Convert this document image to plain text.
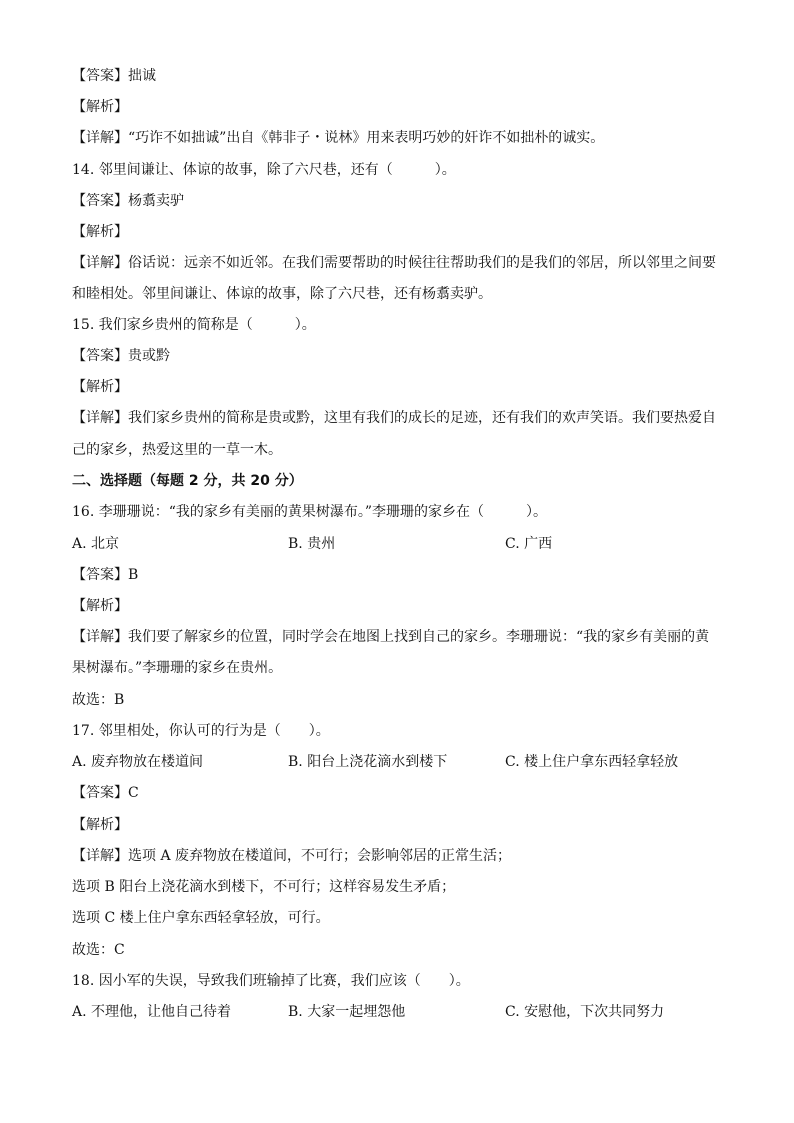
【答案】拙诚
【解析】
【详解】“巧诈不如拙诚”出自《韩非子・说林》用来表明巧妙的奸诈不如拙朴的诚实。
14. 邻里间谦让、体谅的故事，除了六尺巷，还有（　　　）。
【答案】杨翥卖驴
【解析】
【详解】俗话说：远亲不如近邻。在我们需要帮助的时候往往帮助我们的是我们的邻居，所以邻里之间要
和睦相处。邻里间谦让、体谅的故事，除了六尺巷，还有杨翥卖驴。
15. 我们家乡贵州的简称是（　　　）。
【答案】贵或黔
【解析】
【详解】我们家乡贵州的简称是贵或黔，这里有我们的成长的足迹，还有我们的欢声笑语。我们要热爱自
己的家乡，热爱这里的一草一木。
二、选择题（每题 2 分，共 20 分）
16. 李珊珊说：“我的家乡有美丽的黄果树瀑布。”李珊珊的家乡在（　　　）。
A. 北京	B. 贵州	C. 广西
【答案】B
【解析】
【详解】我们要了解家乡的位置，同时学会在地图上找到自己的家乡。李珊珊说：“我的家乡有美丽的黄
果树瀑布。”李珊珊的家乡在贵州。
故选：B
17. 邻里相处，你认可的行为是（　　）。
A. 废弃物放在楼道间	B. 阳台上浇花滴水到楼下	C. 楼上住户拿东西轻拿轻放
【答案】C
【解析】
【详解】选项 A 废弃物放在楼道间，不可行；会影响邻居的正常生活；
选项 B 阳台上浇花滴水到楼下，不可行；这样容易发生矛盾；
选项 C 楼上住户拿东西轻拿轻放，可行。
故选：C
18. 因小军的失误，导致我们班输掉了比赛，我们应该（　　）。
A. 不理他，让他自己待着	B. 大家一起埋怨他	C. 安慰他，下次共同努力
